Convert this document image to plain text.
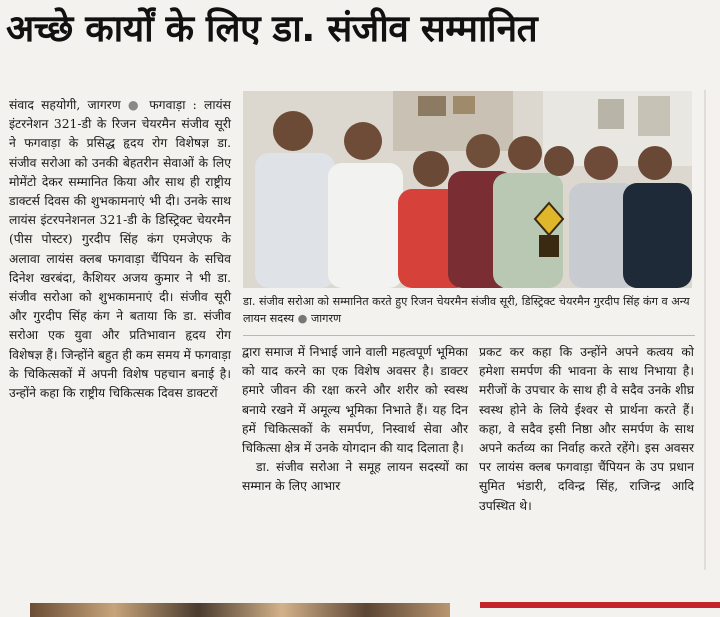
अच्छे कार्यों के लिए डा. संजीव सम्मानित

संवाद सहयोगी, जागरण ● फगवाड़ा : लायंस इंटरनेशन 321-डी के रिजन चेयरमैन संजीव सूरी ने फगवाड़ा के प्रसिद्ध हृदय रोग विशेषज्ञ डा. संजीव सरोआ को उनकी बेहतरीन सेवाओं के लिए मोमेंटो देकर सम्मानित किया और साथ ही राष्ट्रीय डाक्टर्स दिवस की शुभकामनाएं भी दी। उनके साथ लायंस इंटरपनेशनल 321-डी के डिस्ट्रिक्ट चेयरमैन (पीस पोस्टर) गुरदीप सिंह कंग एमजेएफ के अलावा लायंस क्लब फगवाड़ा चैंपियन के सचिव दिनेश खरबंदा, कैशियर अजय कुमार ने भी डा. संजीव सरोआ को शुभकामनाएं दी। संजीव सूरी और गुरदीप सिंह कंग ने बताया कि डा. संजीव सरोआ एक युवा और प्रतिभावान हृदय रोग विशेषज्ञ हैं। जिन्होंने बहुत ही कम समय में फगवाड़ा के चिकित्सकों में अपनी विशेष पहचान बनाई है। उन्होंने कहा कि राष्ट्रीय चिकित्सक दिवस डाक्टरों

डा. संजीव सरोआ को सम्मानित करते हुए रिजन चेयरमैन संजीव सूरी, डिस्ट्रिक्ट चेयरमैन गुरदीप सिंह कंग व अन्य लायन सदस्य ● जागरण

द्वारा समाज में निभाई जाने वाली महत्वपूर्ण भूमिका को याद करने का एक विशेष अवसर है। डाक्टर हमारे जीवन की रक्षा करने और शरीर को स्वस्थ बनाये रखने में अमूल्य भूमिका निभाते हैं। यह दिन हमें चिकित्सकों के समर्पण, निस्वार्थ सेवा और चिकित्सा क्षेत्र में उनके योगदान की याद दिलाता है।

डा. संजीव सरोआ ने समूह लायन सदस्यों का सम्मान के लिए आभार

प्रकट कर कहा कि उन्होंने अपने कत्वय को हमेशा समर्पण की भावना के साथ निभाया है। मरीजों के उपचार के साथ ही वे सदैव उनके शीघ्र स्वस्थ होने के लिये ईश्वर से प्रार्थना करते हैं। कहा, वे सदैव इसी निष्ठा और समर्पण के साथ अपने कर्तव्य का निर्वाह करते रहेंगे। इस अवसर पर लायंस क्लब फगवाड़ा चैंपियन के उप प्रधान सुमित भंडारी, दविन्द्र सिंह, राजिन्द्र आदि उपस्थित थे।
